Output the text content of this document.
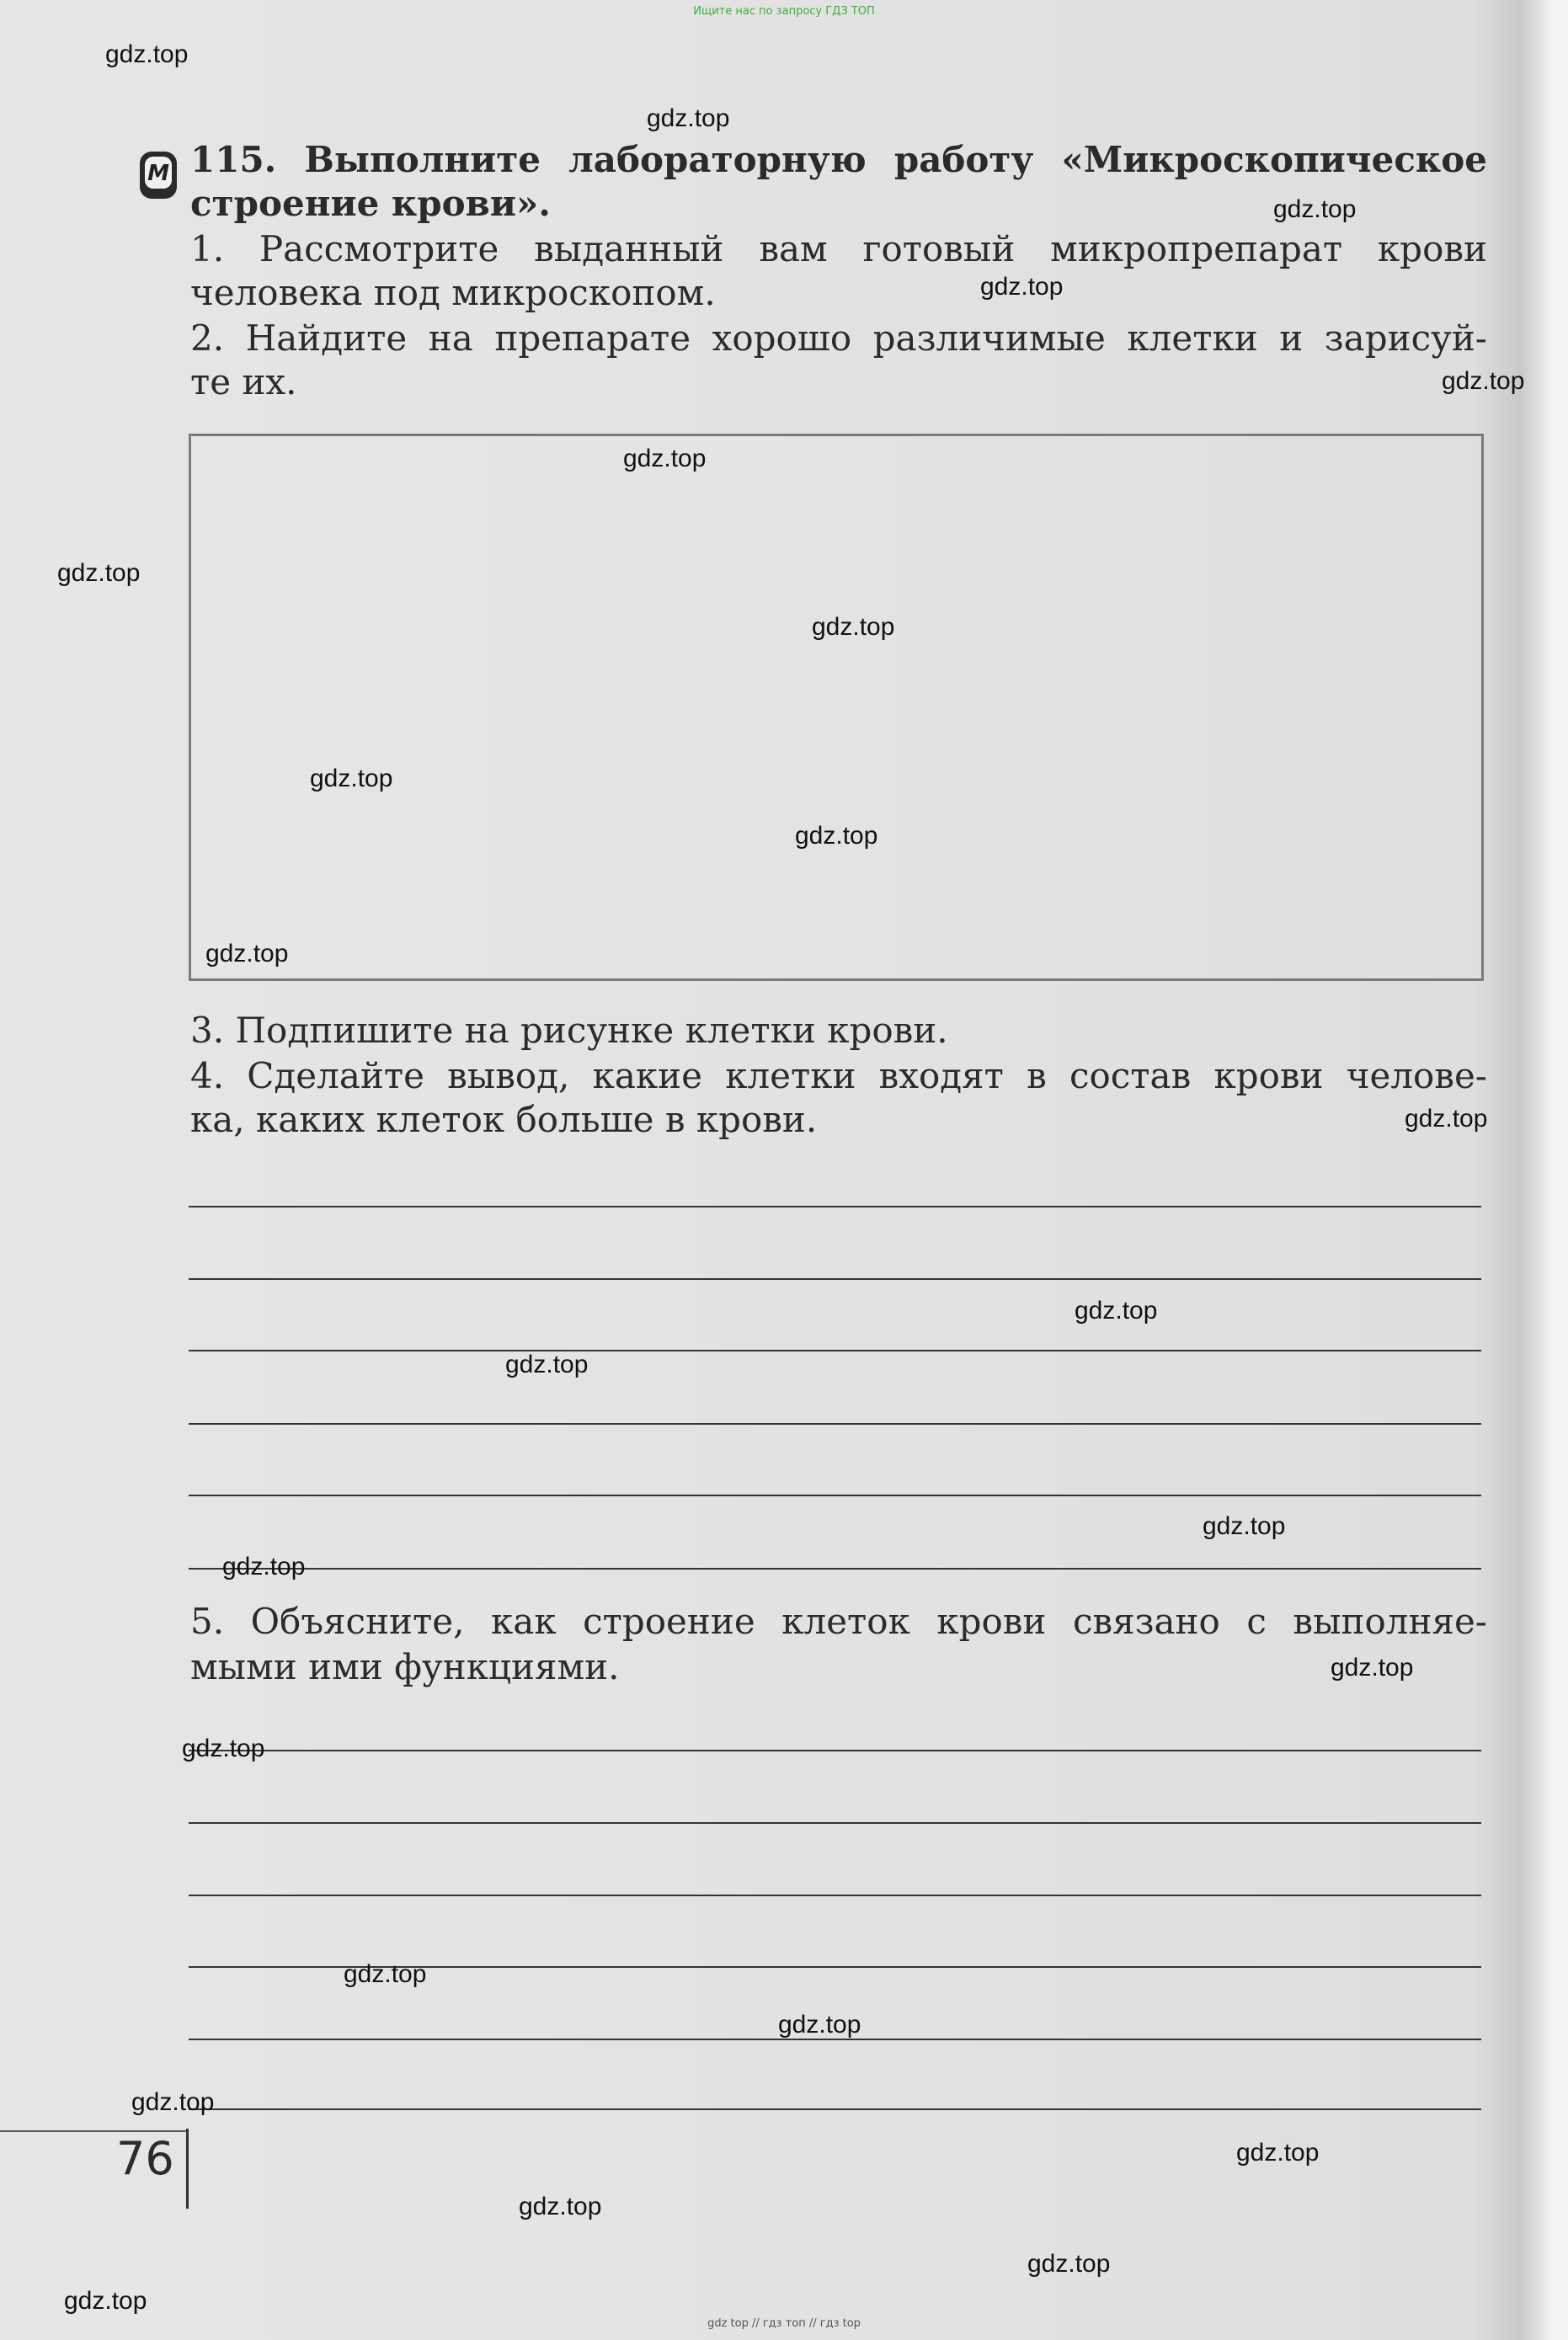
Ищите нас по запросу ГДЗ ТОП
М 115. Выполните лабораторную работу «Микроскопическое
строение крови».
1. Рассмотрите выданный вам готовый микропрепарат крови
человека под микроскопом.
2. Найдите на препарате хорошо различимые клетки и зарисуй-
те их.
3. Подпишите на рисунке клетки крови.
4. Сделайте вывод, какие клетки входят в состав крови челове-
ка, каких клеток больше в крови.
5. Объясните, как строение клеток крови связано с выполняе-
мыми ими функциями.
76
gdz.top
gdz.top
gdz.top
gdz.top
gdz.top
gdz.top
gdz.top
gdz.top
gdz.top
gdz.top
gdz.top
gdz.top
gdz.top
gdz.top
gdz.top
gdz.top
gdz.top
gdz.top
gdz.top
gdz.top
gdz.top
gdz.top
gdz.top
gdz.top
gdz.top
gdz top // гдз топ // гдз top
